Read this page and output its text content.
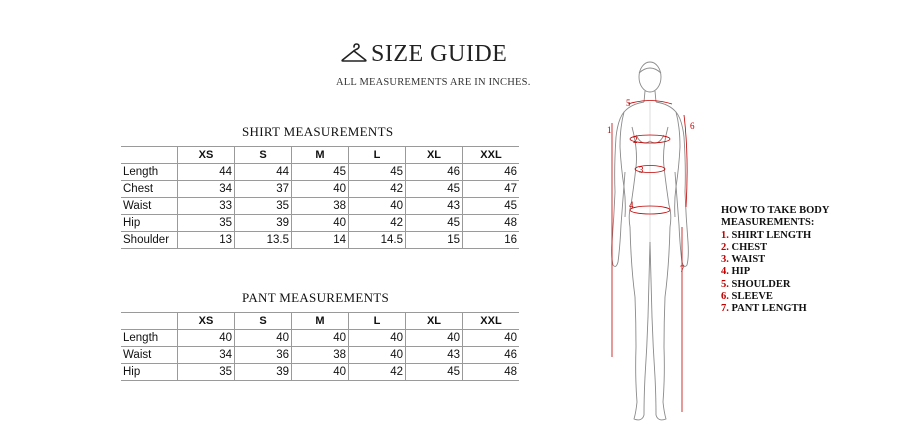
SIZE GUIDE
ALL MEASUREMENTS ARE IN INCHES.
SHIRT MEASUREMENTS
	XS	S	M	L	XL	XXL
Length	44	44	45	45	46	46
Chest	34	37	40	42	45	47
Waist	33	35	38	40	43	45
Hip	35	39	40	42	45	48
Shoulder	13	13.5	14	14.5	15	16
PANT MEASUREMENTS
	XS	S	M	L	XL	XXL
Length	40	40	40	40	40	40
Waist	34	36	38	40	43	46
Hip	35	39	40	42	45	48
1
2
3
4
5
6
7
HOW TO TAKE BODY MEASUREMENTS:
1. SHIRT LENGTH
2. CHEST
3. WAIST
4. HIP
5. SHOULDER
6. SLEEVE
7. PANT LENGTH
